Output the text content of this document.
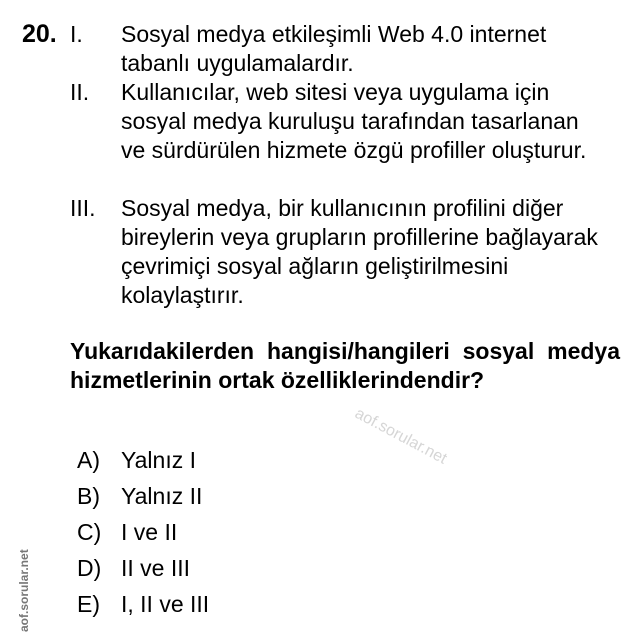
20. I. Sosyal medya etkileşimli Web 4.0 internet tabanlı uygulamalardır.
II. Kullanıcılar, web sitesi veya uygulama için sosyal medya kuruluşu tarafından tasarlanan ve sürdürülen hizmete özgü profiller oluşturur.
III. Sosyal medya, bir kullanıcının profilini diğer bireylerin veya grupların profillerine bağlayarak çevrimiçi sosyal ağların geliştirilmesini kolaylaştırır.
Yukarıdakilerden hangisi/hangileri sosyal medya hizmetlerinin ortak özelliklerindendir?
A) Yalnız I
B) Yalnız II
C) I ve II
D) II ve III
E) I, II ve III
aof.sorular.net
aof.sorular.net
